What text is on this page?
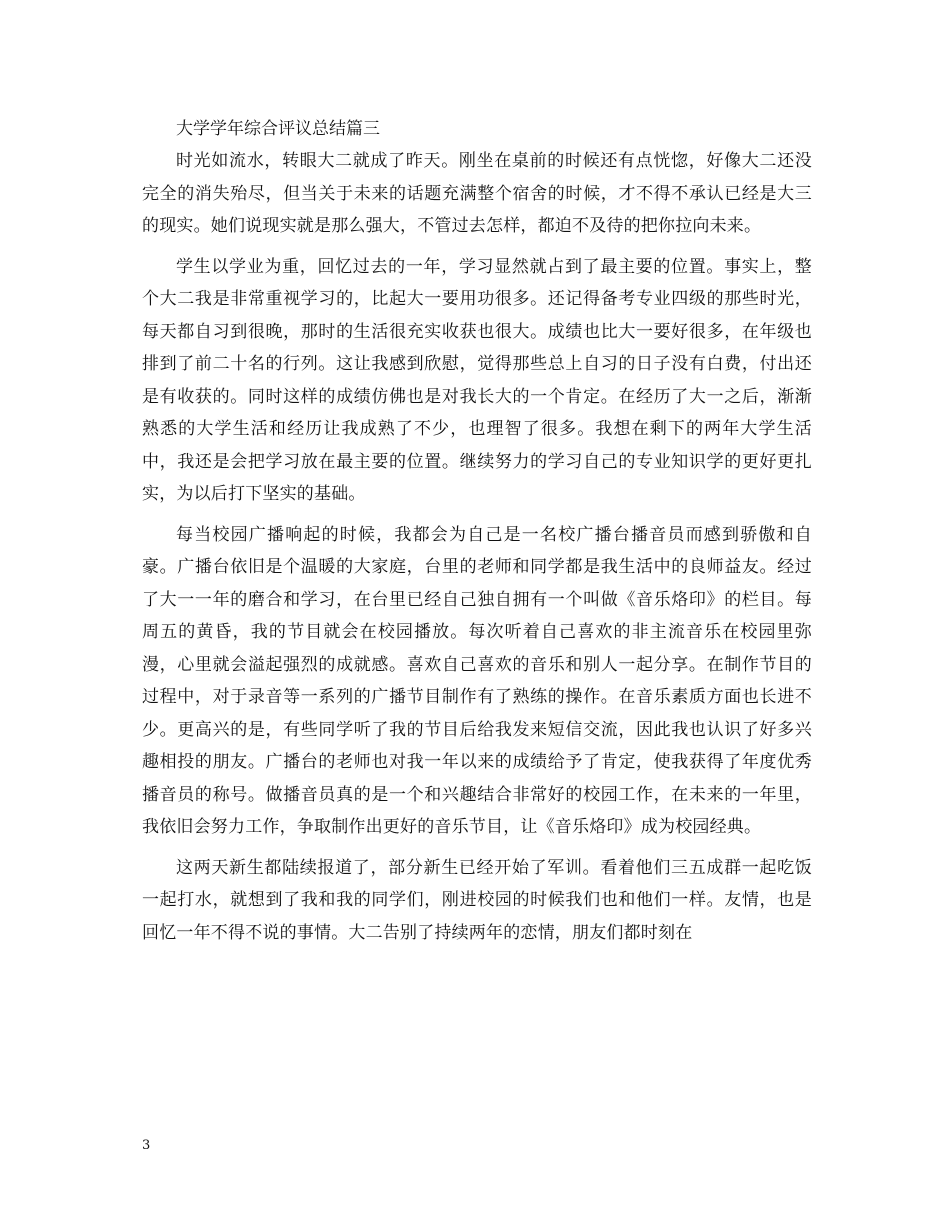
大学学年综合评议总结篇三

时光如流水，转眼大二就成了昨天。刚坐在桌前的时候还有点恍惚，好像大二还没完全的消失殆尽，但当关于未来的话题充满整个宿舍的时候，才不得不承认已经是大三的现实。她们说现实就是那么强大，不管过去怎样，都迫不及待的把你拉向未来。

学生以学业为重，回忆过去的一年，学习显然就占到了最主要的位置。事实上，整个大二我是非常重视学习的，比起大一要用功很多。还记得备考专业四级的那些时光，每天都自习到很晚，那时的生活很充实收获也很大。成绩也比大一要好很多，在年级也排到了前二十名的行列。这让我感到欣慰，觉得那些总上自习的日子没有白费，付出还是有收获的。同时这样的成绩仿佛也是对我长大的一个肯定。在经历了大一之后，渐渐熟悉的大学生活和经历让我成熟了不少，也理智了很多。我想在剩下的两年大学生活中，我还是会把学习放在最主要的位置。继续努力的学习自己的专业知识学的更好更扎实，为以后打下坚实的基础。

每当校园广播响起的时候，我都会为自己是一名校广播台播音员而感到骄傲和自豪。广播台依旧是个温暖的大家庭，台里的老师和同学都是我生活中的良师益友。经过了大一一年的磨合和学习，在台里已经自己独自拥有一个叫做《音乐烙印》的栏目。每周五的黄昏，我的节目就会在校园播放。每次听着自己喜欢的非主流音乐在校园里弥漫，心里就会溢起强烈的成就感。喜欢自己喜欢的音乐和别人一起分享。在制作节目的过程中，对于录音等一系列的广播节目制作有了熟练的操作。在音乐素质方面也长进不少。更高兴的是，有些同学听了我的节目后给我发来短信交流，因此我也认识了好多兴趣相投的朋友。广播台的老师也对我一年以来的成绩给予了肯定，使我获得了年度优秀播音员的称号。做播音员真的是一个和兴趣结合非常好的校园工作，在未来的一年里，我依旧会努力工作，争取制作出更好的音乐节目，让《音乐烙印》成为校园经典。

这两天新生都陆续报道了，部分新生已经开始了军训。看着他们三五成群一起吃饭一起打水，就想到了我和我的同学们，刚进校园的时候我们也和他们一样。友情，也是回忆一年不得不说的事情。大二告别了持续两年的恋情，朋友们都时刻在

3
